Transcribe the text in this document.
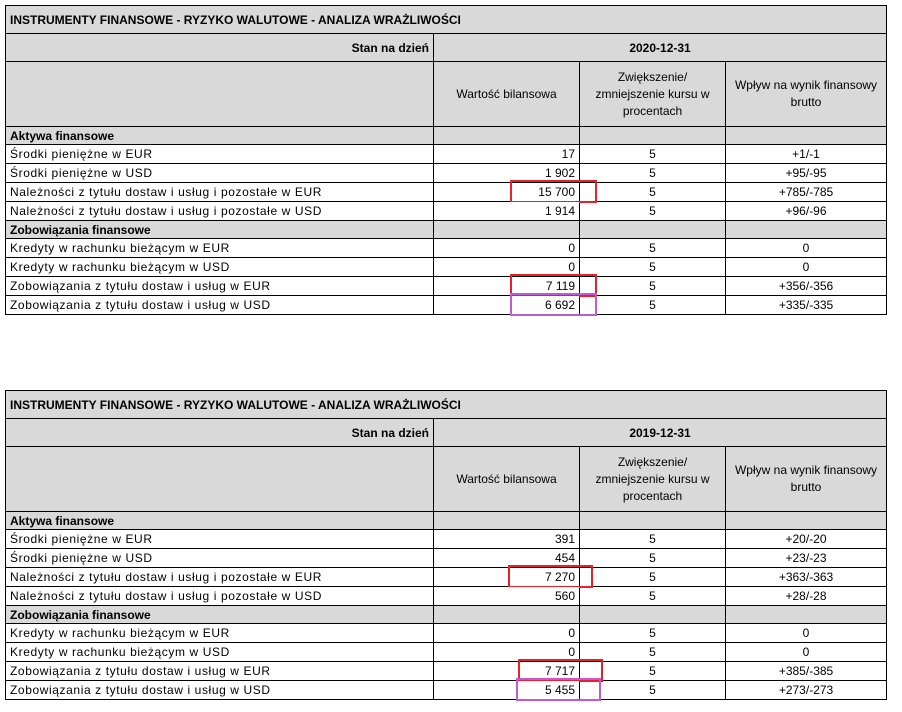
INSTRUMENTY FINANSOWE - RYZYKO WALUTOWE - ANALIZA WRAŻLIWOŚCI			
Stan na dzień	2020-12-31		
	Wartość bilansowa	Zwiększenie/ zmniejszenie kursu w procentach	Wpływ na wynik finansowy brutto
Aktywa finansowe			
Środki pieniężne w EUR	17	5	+1/-1
Środki pieniężne w USD	1 902	5	+95/-95
Należności z tytułu dostaw i usług i pozostałe w EUR	15 700	5	+785/-785
Należności z tytułu dostaw i usług i pozostałe w USD	1 914	5	+96/-96
Zobowiązania finansowe			
Kredyty w rachunku bieżącym w EUR	0	5	0
Kredyty w rachunku bieżącym w USD	0	5	0
Zobowiązania z tytułu dostaw i usług w EUR	7 119	5	+356/-356
Zobowiązania z tytułu dostaw i usług w USD	6 692	5	+335/-335
INSTRUMENTY FINANSOWE - RYZYKO WALUTOWE - ANALIZA WRAŻLIWOŚCI			
Stan na dzień	2019-12-31		
	Wartość bilansowa	Zwiększenie/ zmniejszenie kursu w procentach	Wpływ na wynik finansowy brutto
Aktywa finansowe			
Środki pieniężne w EUR	391	5	+20/-20
Środki pieniężne w USD	454	5	+23/-23
Należności z tytułu dostaw i usług i pozostałe w EUR	7 270	5	+363/-363
Należności z tytułu dostaw i usług i pozostałe w USD	560	5	+28/-28
Zobowiązania finansowe			
Kredyty w rachunku bieżącym w EUR	0	5	0
Kredyty w rachunku bieżącym w USD	0	5	0
Zobowiązania z tytułu dostaw i usług w EUR	7 717	5	+385/-385
Zobowiązania z tytułu dostaw i usług w USD	5 455	5	+273/-273
